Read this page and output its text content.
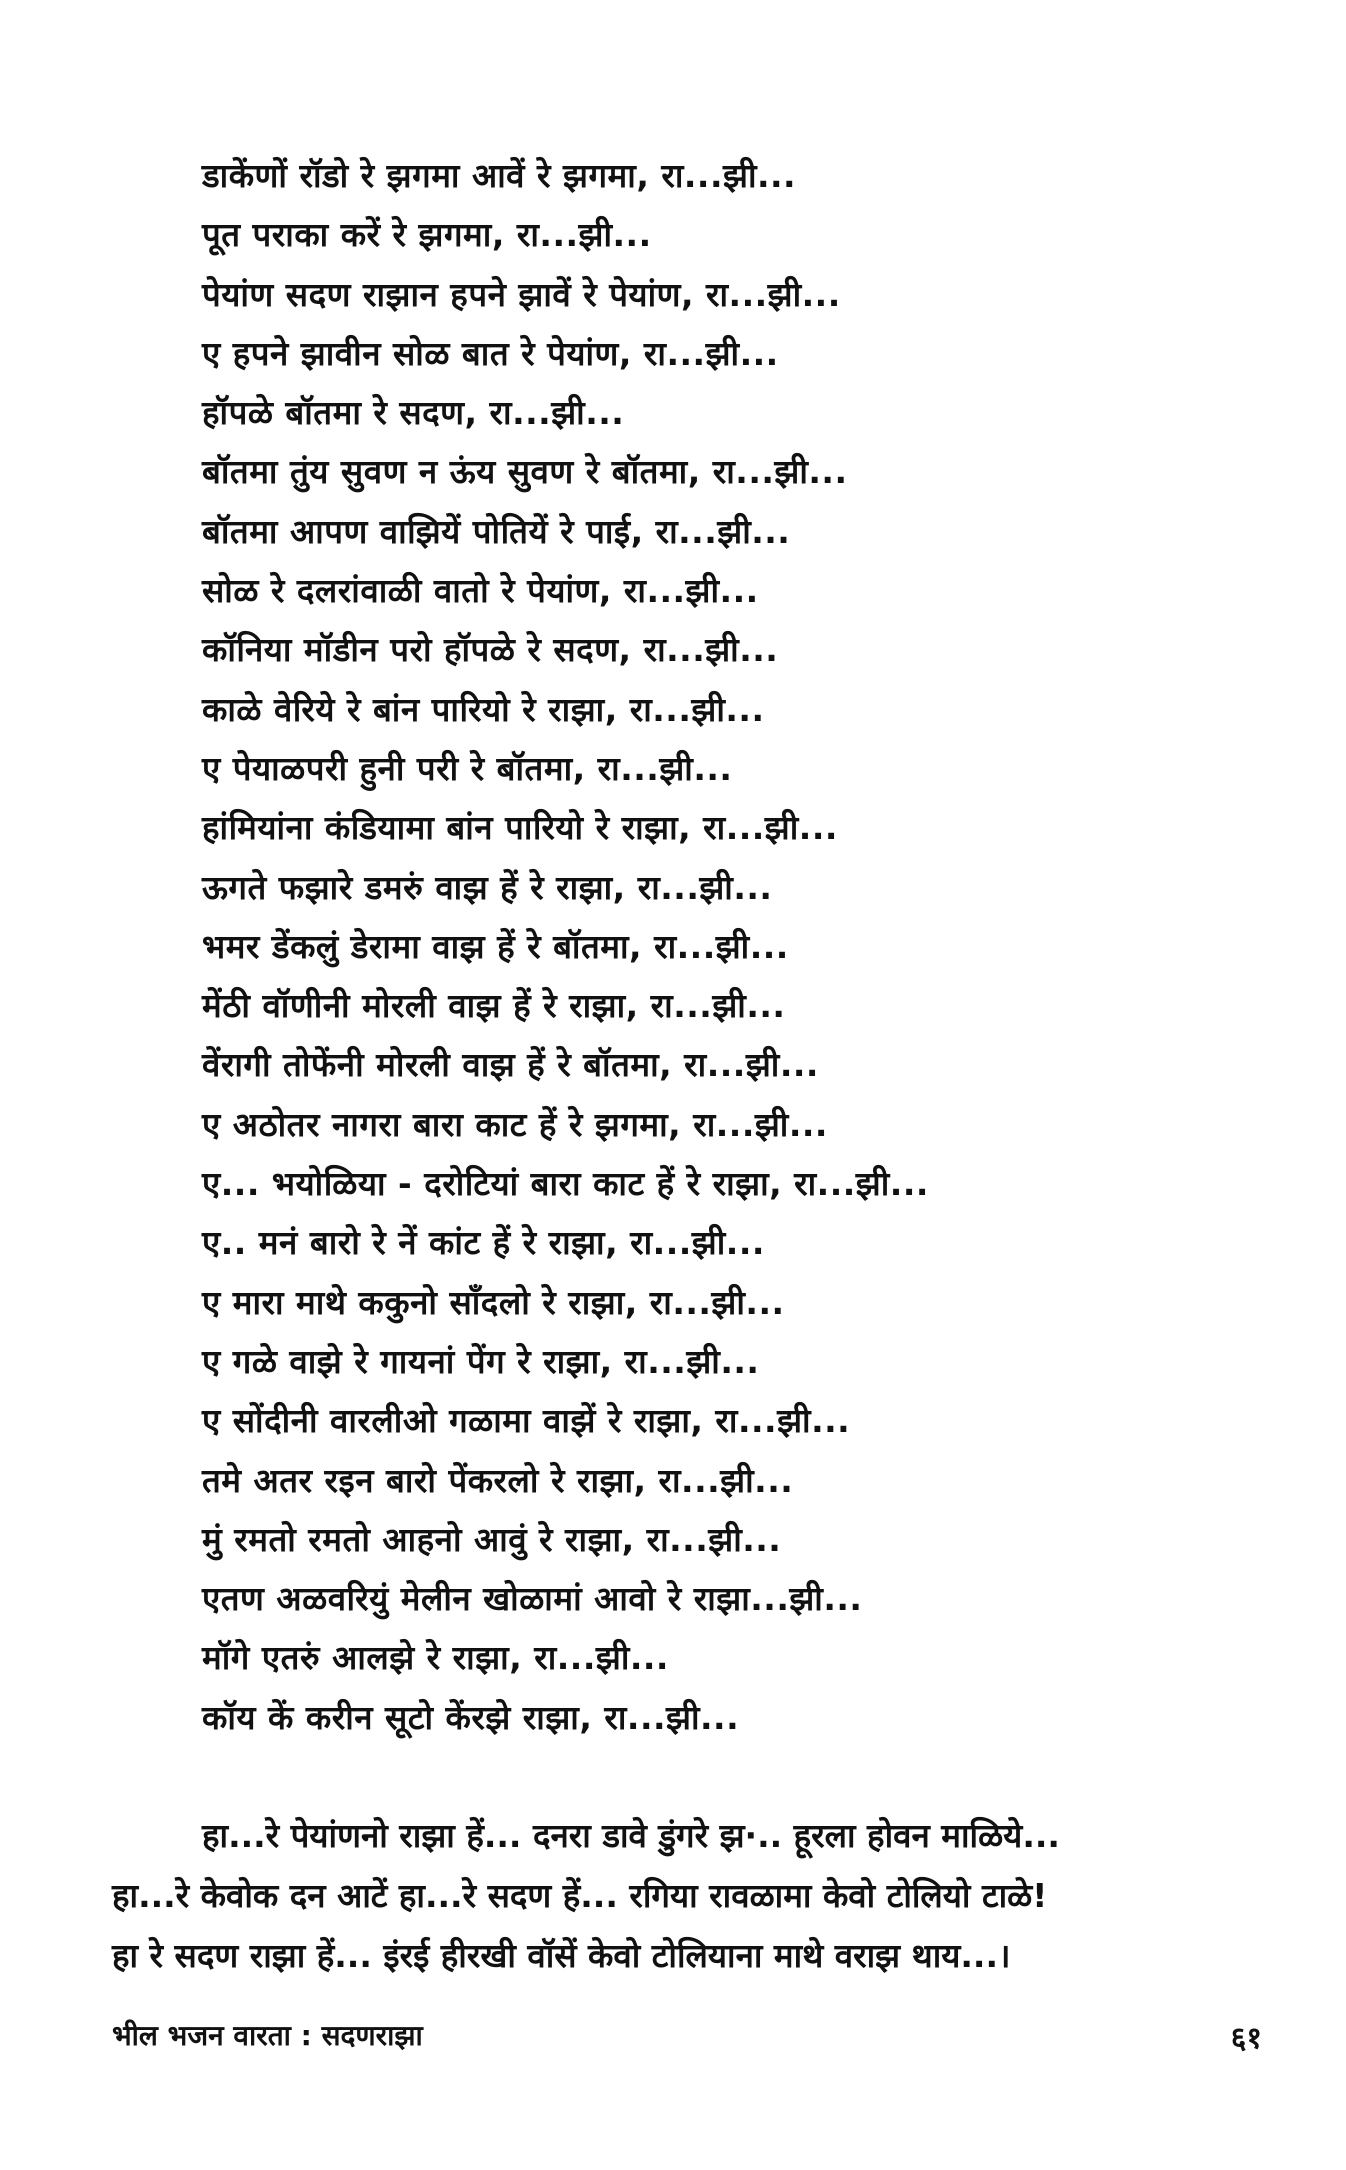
डाकेंणों रॉडो रे झगमा आवें रे झगमा, रा...झी...
पूत पराका करें रे झगमा, रा...झी...
पेयांण सदण राझान हपने झावें रे पेयांण, रा...झी...
ए हपने झावीन सोळ बात रे पेयांण, रा...झी...
हॉपळे बॉतमा रे सदण, रा...झी...
बॉतमा तुंय सुवण न ऊंय सुवण रे बॉतमा, रा...झी...
बॉतमा आपण वाझियें पोतियें रे पाई, रा...झी...
सोळ रे दलरांवाळी वातो रे पेयांण, रा...झी...
कॉनिया मॉडीन परो हॉपळे रे सदण, रा...झी...
काळे वेरिये रे बांन पारियो रे राझा, रा...झी...
ए पेयाळपरी हुनी परी रे बॉतमा, रा...झी...
हांमियांना कंडियामा बांन पारियो रे राझा, रा...झी...
ऊगते फझारे डमरुं वाझ हें रे राझा, रा...झी...
भमर डेंकलुं डेरामा वाझ हें रे बॉतमा, रा...झी...
मेंठी वॉणीनी मोरली वाझ हें रे राझा, रा...झी...
वेंरागी तोफेंनी मोरली वाझ हें रे बॉतमा, रा...झी...
ए अठोतर नागरा बारा काट हें रे झगमा, रा...झी...
ए... भयोळिया - दरोटियां बारा काट हें रे राझा, रा...झी...
ए.. मनं बारो रे नें कांट हें रे राझा, रा...झी...
ए मारा माथे ककुनो साँदलो रे राझा, रा...झी...
ए गळे वाझे रे गायनां पेंग रे राझा, रा...झी...
ए सोंदीनी वारलीओ गळामा वाझें रे राझा, रा...झी...
तमे अतर रइन बारो पेंकरलो रे राझा, रा...झी...
मुं रमतो रमतो आहनो आवुं रे राझा, रा...झी...
एतण अळवरियुं मेलीन खोळामां आवो रे राझा...झी...
मॉगे एतरुं आलझे रे राझा, रा...झी...
कॉय कें करीन सूटो केंरझे राझा, रा...झी...
हा...रे पेयांणनो राझा हें... दनरा डावे डुंगरे झ·.. हूरला होवन माळिये...
हा...रे केवोक दन आटें हा...रे सदण हें... रगिया रावळामा केवो टोलियो टाळे!
हा रे सदण राझा हें... इंरई हीरखी वॉसें केवो टोलियाना माथे वराझ थाय...।
भील भजन वारता : सदणराझा	६१
